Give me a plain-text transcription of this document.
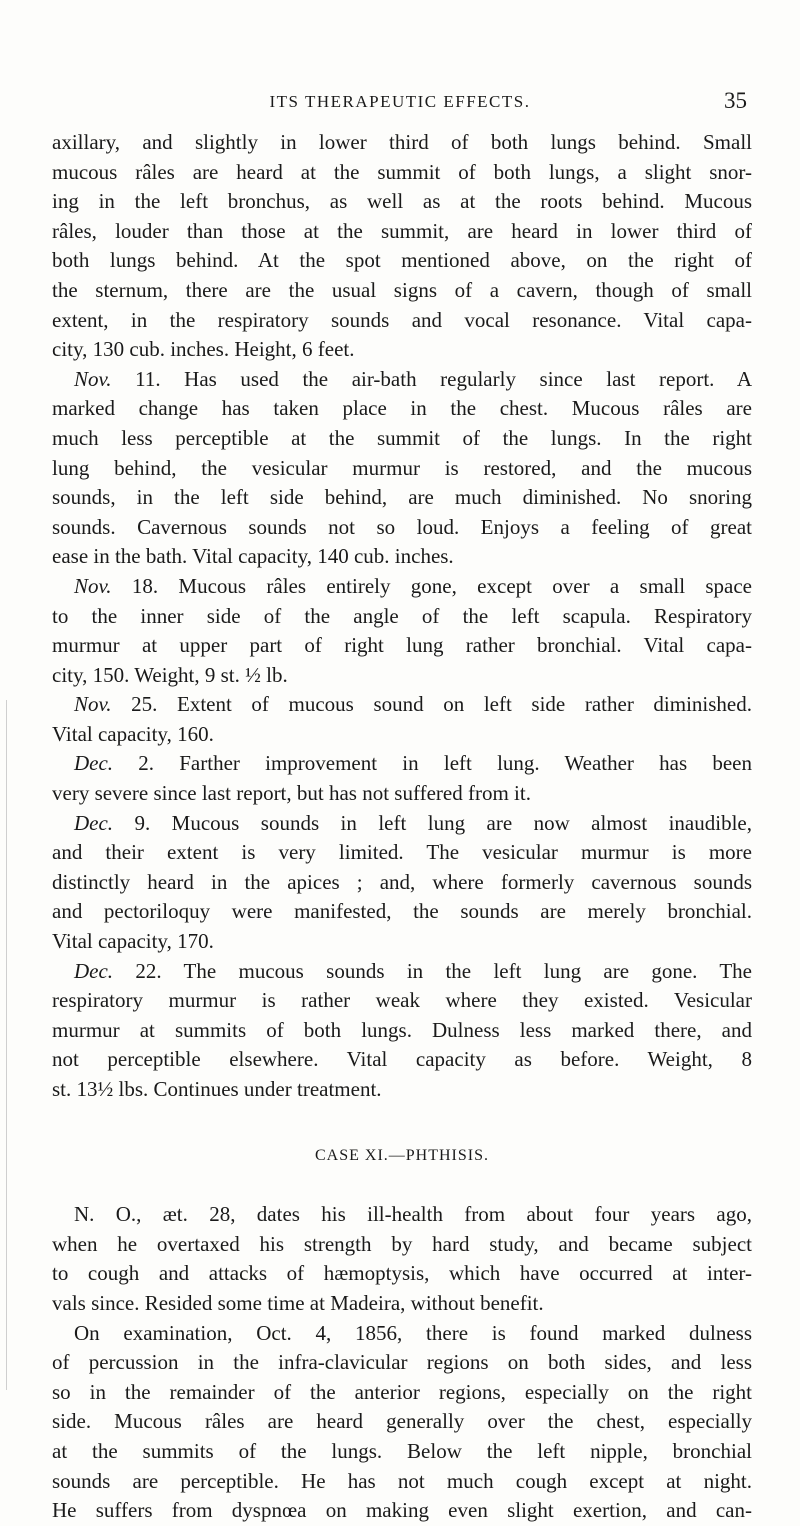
ITS THERAPEUTIC EFFECTS.	35
axillary, and slightly in lower third of both lungs behind. Small
mucous râles are heard at the summit of both lungs, a slight snor-
ing in the left bronchus, as well as at the roots behind. Mucous
râles, louder than those at the summit, are heard in lower third of
both lungs behind. At the spot mentioned above, on the right of
the sternum, there are the usual signs of a cavern, though of small
extent, in the respiratory sounds and vocal resonance. Vital capa-
city, 130 cub. inches. Height, 6 feet.
Nov. 11. Has used the air-bath regularly since last report. A
marked change has taken place in the chest. Mucous râles are
much less perceptible at the summit of the lungs. In the right
lung behind, the vesicular murmur is restored, and the mucous
sounds, in the left side behind, are much diminished. No snoring
sounds. Cavernous sounds not so loud. Enjoys a feeling of great
ease in the bath. Vital capacity, 140 cub. inches.
Nov. 18. Mucous râles entirely gone, except over a small space
to the inner side of the angle of the left scapula. Respiratory
murmur at upper part of right lung rather bronchial. Vital capa-
city, 150. Weight, 9 st. ½ lb.
Nov. 25. Extent of mucous sound on left side rather diminished.
Vital capacity, 160.
Dec. 2. Farther improvement in left lung. Weather has been
very severe since last report, but has not suffered from it.
Dec. 9. Mucous sounds in left lung are now almost inaudible,
and their extent is very limited. The vesicular murmur is more
distinctly heard in the apices ; and, where formerly cavernous sounds
and pectoriloquy were manifested, the sounds are merely bronchial.
Vital capacity, 170.
Dec. 22. The mucous sounds in the left lung are gone. The
respiratory murmur is rather weak where they existed. Vesicular
murmur at summits of both lungs. Dulness less marked there, and
not perceptible elsewhere. Vital capacity as before. Weight, 8
st. 13½ lbs. Continues under treatment.
CASE XI.—PHTHISIS.
N. O., æt. 28, dates his ill-health from about four years ago,
when he overtaxed his strength by hard study, and became subject
to cough and attacks of hæmoptysis, which have occurred at inter-
vals since. Resided some time at Madeira, without benefit.
On examination, Oct. 4, 1856, there is found marked dulness
of percussion in the infra-clavicular regions on both sides, and less
so in the remainder of the anterior regions, especially on the right
side. Mucous râles are heard generally over the chest, especially
at the summits of the lungs. Below the left nipple, bronchial
sounds are perceptible. He has not much cough except at night.
He suffers from dyspnœa on making even slight exertion, and can-
